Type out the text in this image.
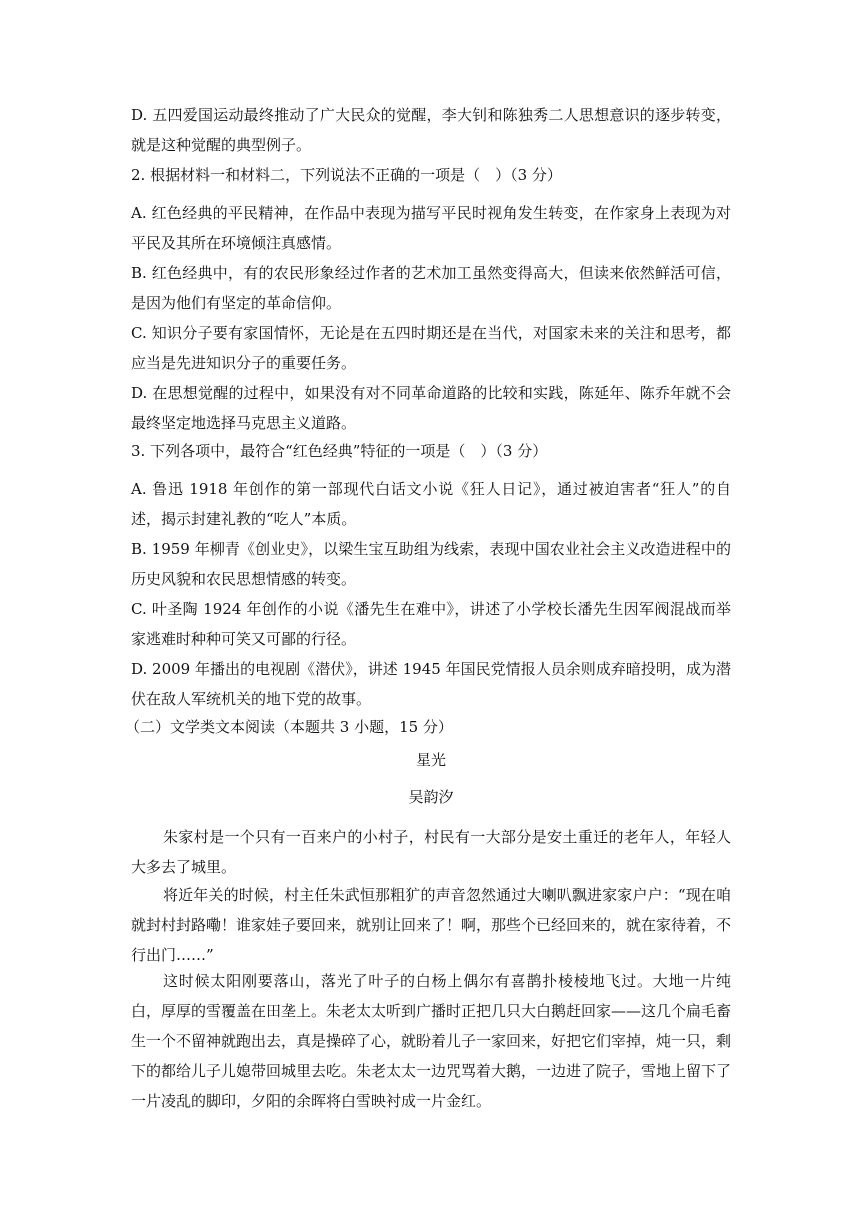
D. 五四爱国运动最终推动了广大民众的觉醒，李大钊和陈独秀二人思想意识的逐步转变，就是这种觉醒的典型例子。

2. 根据材料一和材料二，下列说法不正确的一项是（　）（3 分）

A. 红色经典的平民精神，在作品中表现为描写平民时视角发生转变，在作家身上表现为对平民及其所在环境倾注真感情。

B. 红色经典中，有的农民形象经过作者的艺术加工虽然变得高大，但读来依然鲜活可信，是因为他们有坚定的革命信仰。

C. 知识分子要有家国情怀，无论是在五四时期还是在当代，对国家未来的关注和思考，都应当是先进知识分子的重要任务。

D. 在思想觉醒的过程中，如果没有对不同革命道路的比较和实践，陈延年、陈乔年就不会最终坚定地选择马克思主义道路。

3. 下列各项中，最符合“红色经典”特征的一项是（　）（3 分）

A. 鲁迅 1918 年创作的第一部现代白话文小说《狂人日记》，通过被迫害者“狂人”的自述，揭示封建礼教的“吃人”本质。

B. 1959 年柳青《创业史》，以梁生宝互助组为线索，表现中国农业社会主义改造进程中的历史风貌和农民思想情感的转变。

C. 叶圣陶 1924 年创作的小说《潘先生在难中》，讲述了小学校长潘先生因军阀混战而举家逃难时种种可笑又可鄙的行径。

D. 2009 年播出的电视剧《潜伏》，讲述 1945 年国民党情报人员余则成弃暗投明，成为潜伏在敌人军统机关的地下党的故事。

（二）文学类文本阅读（本题共 3 小题，15 分）

星光
吴韵汐

朱家村是一个只有一百来户的小村子，村民有一大部分是安土重迁的老年人，年轻人大多去了城里。

将近年关的时候，村主任朱武恒那粗犷的声音忽然通过大喇叭飘进家家户户：“现在咱就封村封路嘞！谁家娃子要回来，就别让回来了！啊，那些个已经回来的，就在家待着，不行出门……”

这时候太阳刚要落山，落光了叶子的白杨上偶尔有喜鹊扑棱棱地飞过。大地一片纯白，厚厚的雪覆盖在田垄上。朱老太太听到广播时正把几只大白鹅赶回家——这几个扁毛畜生一个不留神就跑出去，真是操碎了心，就盼着儿子一家回来，好把它们宰掉，炖一只，剩下的都给儿子儿媳带回城里去吃。朱老太太一边咒骂着大鹅，一边进了院子，雪地上留下了一片凌乱的脚印，夕阳的余晖将白雪映衬成一片金红。
